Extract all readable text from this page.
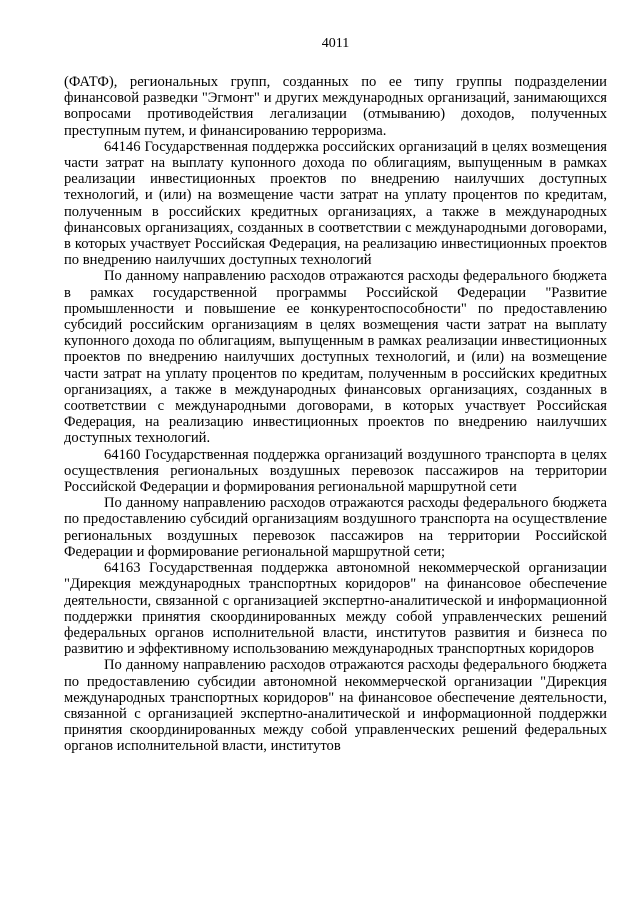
4011

(ФАТФ), региональных групп, созданных по ее типу группы подразделении финансовой разведки "Эгмонт" и других международных организаций, занимающихся вопросами противодействия легализации (отмыванию) доходов, полученных преступным путем, и финансированию терроризма.

64146 Государственная поддержка российских организаций в целях возмещения части затрат на выплату купонного дохода по облигациям, выпущенным в рамках реализации инвестиционных проектов по внедрению наилучших доступных технологий, и (или) на возмещение части затрат на уплату процентов по кредитам, полученным в российских кредитных организациях, а также в международных финансовых организациях, созданных в соответствии с международными договорами, в которых участвует Российская Федерация, на реализацию инвестиционных проектов по внедрению наилучших доступных технологий

По данному направлению расходов отражаются расходы федерального бюджета в рамках государственной программы Российской Федерации "Развитие промышленности и повышение ее конкурентоспособности" по предоставлению субсидий российским организациям в целях возмещения части затрат на выплату купонного дохода по облигациям, выпущенным в рамках реализации инвестиционных проектов по внедрению наилучших доступных технологий, и (или) на возмещение части затрат на уплату процентов по кредитам, полученным в российских кредитных организациях, а также в международных финансовых организациях, созданных в соответствии с международными договорами, в которых участвует Российская Федерация, на реализацию инвестиционных проектов по внедрению наилучших доступных технологий.

64160 Государственная поддержка организаций воздушного транспорта в целях осуществления региональных воздушных перевозок пассажиров на территории Российской Федерации и формирования региональной маршрутной сети

По данному направлению расходов отражаются расходы федерального бюджета по предоставлению субсидий организациям воздушного транспорта на осуществление региональных воздушных перевозок пассажиров на территории Российской Федерации и формирование региональной маршрутной сети;

64163 Государственная поддержка автономной некоммерческой организации "Дирекция международных транспортных коридоров" на финансовое обеспечение деятельности, связанной с организацией экспертно-аналитической и информационной поддержки принятия скоординированных между собой управленческих решений федеральных органов исполнительной власти, институтов развития и бизнеса по развитию и эффективному использованию международных транспортных коридоров

По данному направлению расходов отражаются расходы федерального бюджета по предоставлению субсидии автономной некоммерческой организации "Дирекция международных транспортных коридоров" на финансовое обеспечение деятельности, связанной с организацией экспертно-аналитической и информационной поддержки принятия скоординированных между собой управленческих решений федеральных органов исполнительной власти, институтов
